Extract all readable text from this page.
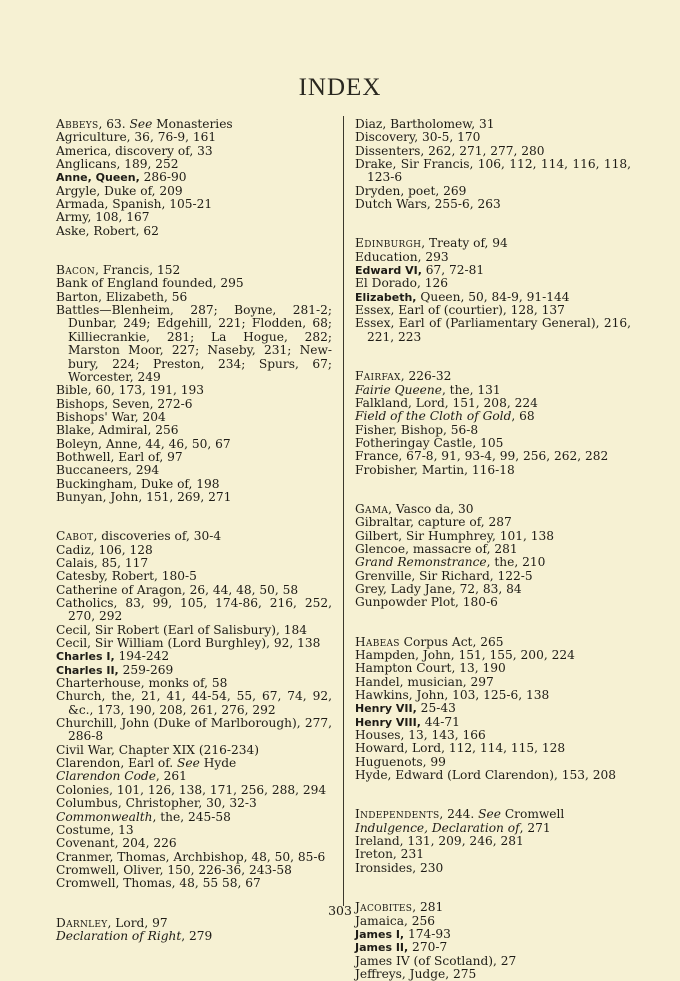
INDEX
Abbeys, 63. See Monasteries
Agriculture, 36, 76-9, 161
America, discovery of, 33
Anglicans, 189, 252
Anne, Queen, 286-90
Argyle, Duke of, 209
Armada, Spanish, 105-21
Army, 108, 167
Aske, Robert, 62
Bacon, Francis, 152
Bank of England founded, 295
Barton, Elizabeth, 56
Battles—Blenheim, 287; Boyne, 281-2; Dunbar, 249; Edgehill, 221; Flodden, 68; Killiecrankie, 281; La Hogue, 282; Marston Moor, 227; Naseby, 231; New-bury, 224; Preston, 234; Spurs, 67; Worcester, 249
Bible, 60, 173, 191, 193
Bishops, Seven, 272-6
Bishops' War, 204
Blake, Admiral, 256
Boleyn, Anne, 44, 46, 50, 67
Bothwell, Earl of, 97
Buccaneers, 294
Buckingham, Duke of, 198
Bunyan, John, 151, 269, 271
Cabot, discoveries of, 30-4
Cadiz, 106, 128
Calais, 85, 117
Catesby, Robert, 180-5
Catherine of Aragon, 26, 44, 48, 50, 58
Catholics, 83, 99, 105, 174-86, 216, 252, 270, 292
Cecil, Sir Robert (Earl of Salisbury), 184
Cecil, Sir William (Lord Burghley), 92, 138
Charles I, 194-242
Charles II, 259-269
Charterhouse, monks of, 58
Church, the, 21, 41, 44-54, 55, 67, 74, 92, &c., 173, 190, 208, 261, 276, 292
Churchill, John (Duke of Marlborough), 277, 286-8
Civil War, Chapter XIX (216-234)
Clarendon, Earl of. See Hyde
Clarendon Code, 261
Colonies, 101, 126, 138, 171, 256, 288, 294
Columbus, Christopher, 30, 32-3
Commonwealth, the, 245-58
Costume, 13
Covenant, 204, 226
Cranmer, Thomas, Archbishop, 48, 50, 85-6
Cromwell, Oliver, 150, 226-36, 243-58
Cromwell, Thomas, 48, 55 58, 67
Darnley, Lord, 97
Declaration of Right, 279
Diaz, Bartholomew, 31
Discovery, 30-5, 170
Dissenters, 262, 271, 277, 280
Drake, Sir Francis, 106, 112, 114, 116, 118, 123-6
Dryden, poet, 269
Dutch Wars, 255-6, 263
Edinburgh, Treaty of, 94
Education, 293
Edward VI, 67, 72-81
El Dorado, 126
Elizabeth, Queen, 50, 84-9, 91-144
Essex, Earl of (courtier), 128, 137
Essex, Earl of (Parliamentary General), 216, 221, 223
Fairfax, 226-32
Fairie Queene, the, 131
Falkland, Lord, 151, 208, 224
Field of the Cloth of Gold, 68
Fisher, Bishop, 56-8
Fotheringay Castle, 105
France, 67-8, 91, 93-4, 99, 256, 262, 282
Frobisher, Martin, 116-18
Gama, Vasco da, 30
Gibraltar, capture of, 287
Gilbert, Sir Humphrey, 101, 138
Glencoe, massacre of, 281
Grand Remonstrance, the, 210
Grenville, Sir Richard, 122-5
Grey, Lady Jane, 72, 83, 84
Gunpowder Plot, 180-6
Habeas Corpus Act, 265
Hampden, John, 151, 155, 200, 224
Hampton Court, 13, 190
Handel, musician, 297
Hawkins, John, 103, 125-6, 138
Henry VII, 25-43
Henry VIII, 44-71
Houses, 13, 143, 166
Howard, Lord, 112, 114, 115, 128
Huguenots, 99
Hyde, Edward (Lord Clarendon), 153, 208
Independents, 244. See Cromwell
Indulgence, Declaration of, 271
Ireland, 131, 209, 246, 281
Ireton, 231
Ironsides, 230
Jacobites, 281
Jamaica, 256
James I, 174-93
James II, 270-7
James IV (of Scotland), 27
Jeffreys, Judge, 275
303
